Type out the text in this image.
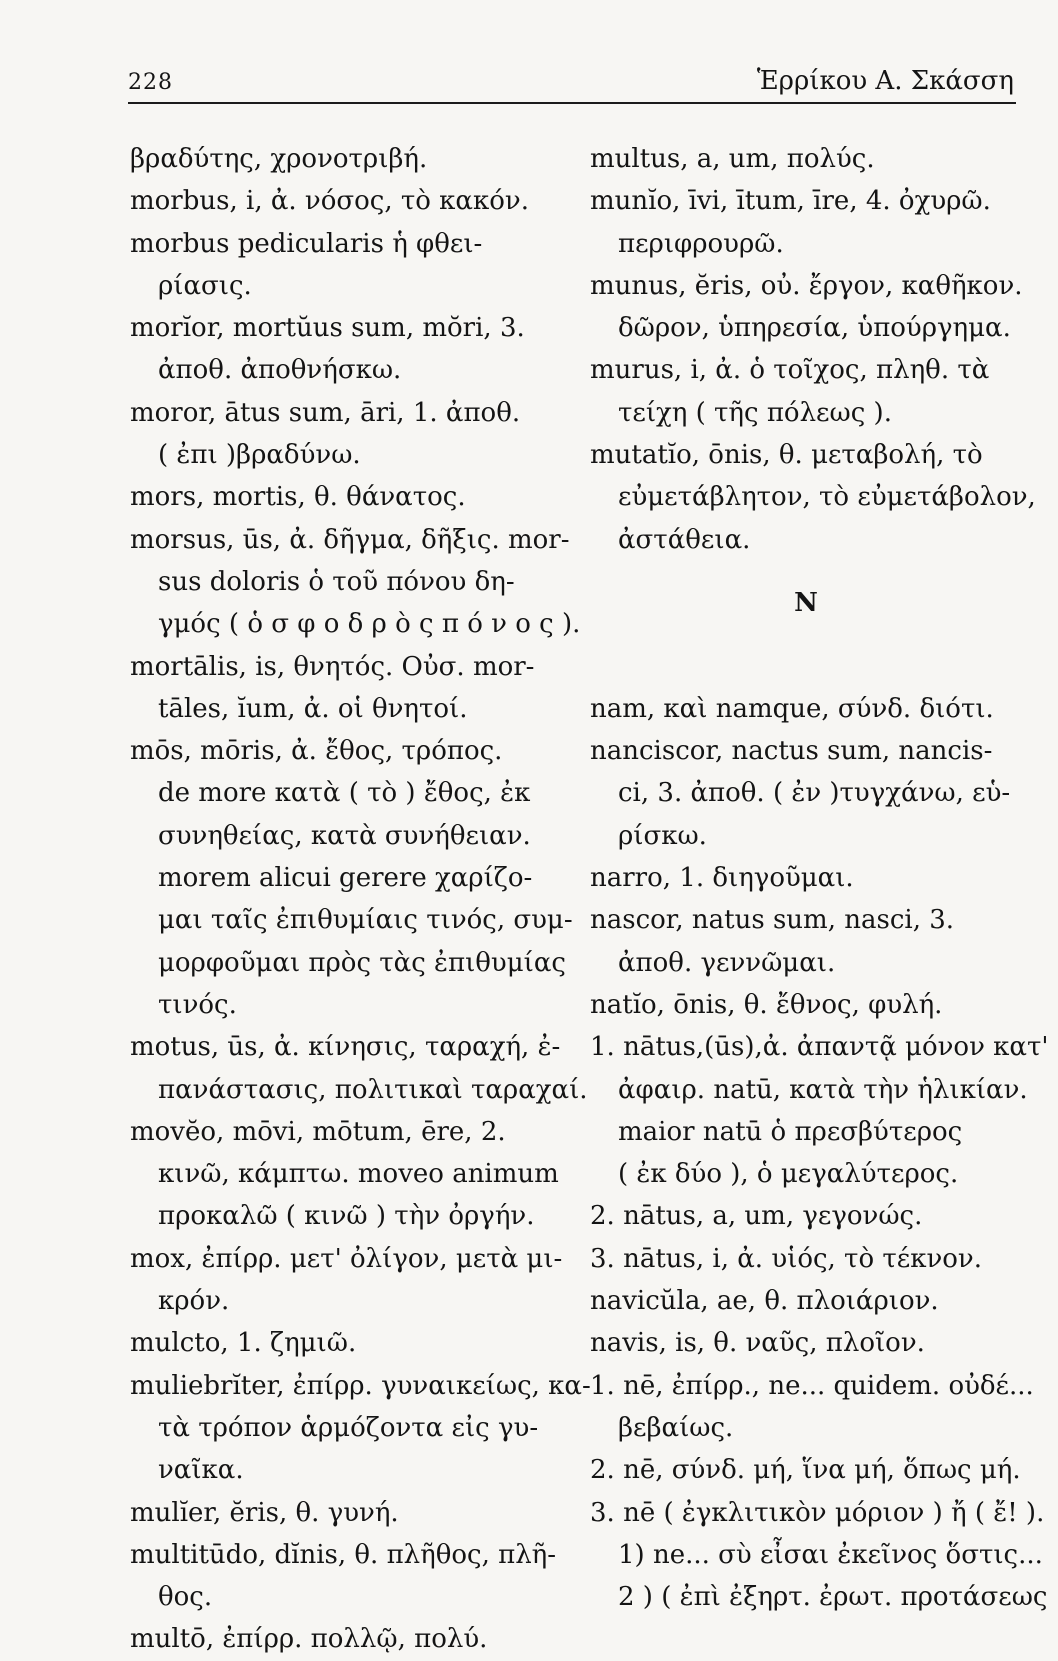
228	Ἑρρίκου Α. Σκάσση
βραδύτης, χρονοτριβή.
morbus, i, ἀ. νόσος, τὸ κακόν.
morbus pedicularis ἡ φθει-
ρίασις.
morĭor, mortŭus sum, mŏri, 3.
ἀποθ. ἀποθνήσκω.
moror, ātus sum, āri, 1. ἀποθ.
( ἐπι )βραδύνω.
mors, mortis, θ. θάνατος.
morsus, ūs, ἀ. δῆγμα, δῆξις. mor-
sus doloris ὁ τοῦ πόνου δη-
γμός ( ὁ σ φ ο δ ρ ὸ ς π ό ν ο ς ).
mortālis, is, θνητός. Οὐσ. mor-
tāles, ĭum, ἀ. οἱ θνητοί.
mōs, mōris, ἀ. ἔθος, τρόπος.
de more κατὰ ( τὸ ) ἔθος, ἐκ
συνηθείας, κατὰ συνήθειαν.
morem alicui gerere χαρίζο-
μαι ταῖς ἐπιθυμίαις τινός, συμ-
μορφοῦμαι πρὸς τὰς ἐπιθυμίας
τινός.
motus, ūs, ἀ. κίνησις, ταραχή, ἐ-
πανάστασις, πολιτικαὶ ταραχαί.
movĕo, mōvi, mōtum, ēre, 2.
κινῶ, κάμπτω. moveo animum
προκαλῶ ( κινῶ ) τὴν ὀργήν.
mox, ἐπίρρ. μετ' ὀλίγον, μετὰ μι-
κρόν.
mulcto, 1. ζημιῶ.
muliebrĭter, ἐπίρρ. γυναικείως, κα-
τὰ τρόπον ἁρμόζοντα εἰς γυ-
ναῖκα.
mulĭer, ĕris, θ. γυνή.
multitūdo, dĭnis, θ. πλῆθος, πλῆ-
θος.
multō, ἐπίρρ. πολλῷ, πολύ.
multus, a, um, πολύς.
munĭo, īvi, ītum, īre, 4. ὀχυρῶ.
περιφρουρῶ.
munus, ĕris, οὐ. ἔργον, καθῆκον.
δῶρον, ὑπηρεσία, ὑπούργημα.
murus, i, ἀ. ὁ τοῖχος, πληθ. τὰ
τείχη ( τῆς πόλεως ).
mutatĭo, ōnis, θ. μεταβολή, τὸ
εὐμετάβλητον, τὸ εὐμετάβολον,
ἀστάθεια.
N
nam, καὶ namque, σύνδ. διότι.
nanciscor, nactus sum, nancis-
ci, 3. ἀποθ. ( ἐν )τυγχάνω, εὑ-
ρίσκω.
narro, 1. διηγοῦμαι.
nascor, natus sum, nasci, 3.
ἀποθ. γεννῶμαι.
natĭo, ōnis, θ. ἔθνος, φυλή.
1. nātus,(ūs),ἀ. ἀπαντᾷ μόνον κατ'
ἀφαιρ. natū, κατὰ τὴν ἡλικίαν.
maior natū ὁ πρεσβύτερος
( ἐκ δύο ), ὁ μεγαλύτερος.
2. nātus, a, um, γεγονώς.
3. nātus, i, ἀ. υἱός, τὸ τέκνον.
navicŭla, ae, θ. πλοιάριον.
navis, is, θ. ναῦς, πλοῖον.
1. nē, ἐπίρρ., ne... quidem. οὐδέ...
βεβαίως.
2. nē, σύνδ. μή, ἵνα μή, ὅπως μή.
3. nē ( ἐγκλιτικὸν μόριον ) ἤ ( ἔ! ).
1) ne... σὺ εἶσαι ἐκεῖνος ὅστις...
2 ) ( ἐπὶ ἐξηρτ. ἐρωτ. προτάσεως
